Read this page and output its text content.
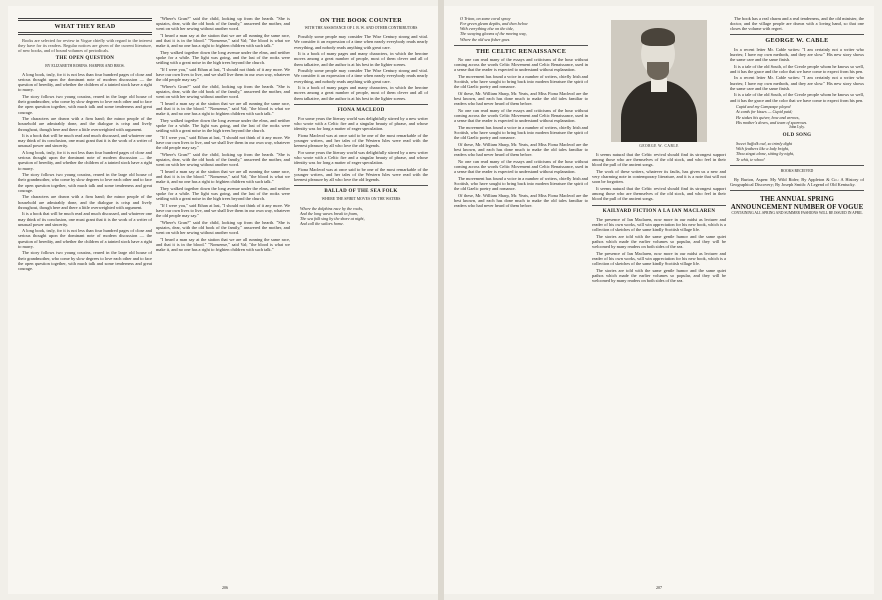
WHAT THEY READ
Books are selected for review in Vogue chiefly with regard to the interest they have for its readers. Regular notices are given of the current literature, of new books, and of bound volumes of periodicals.
THE OPEN QUESTION
BY ELIZABETH ROBINS. HARPER AND BROS.
A long book, truly, for it is not less than four hundred pages of close and serious thought upon the dominant note of modern discussion — the question of heredity, and whether the children of a tainted stock have a right to marry.
The story follows two young cousins, reared in the large old house of their grandmother, who come by slow degrees to love each other and to face the open question together, with much talk and some tenderness and great courage.
The characters are drawn with a firm hand; the minor people of the household are admirably done, and the dialogue is crisp and lively throughout, though here and there a little overweighted with argument.
It is a book that will be much read and much discussed, and whatever one may think of its conclusion, one must grant that it is the work of a writer of unusual power and sincerity.
A long book, truly, for it is not less than four hundred pages of close and serious thought upon the dominant note of modern discussion — the question of heredity, and whether the children of a tainted stock have a right to marry.
The story follows two young cousins, reared in the large old house of their grandmother, who come by slow degrees to love each other and to face the open question together, with much talk and some tenderness and great courage.
The characters are drawn with a firm hand; the minor people of the household are admirably done, and the dialogue is crisp and lively throughout, though here and there a little overweighted with argument.
It is a book that will be much read and much discussed, and whatever one may think of its conclusion, one must grant that it is the work of a writer of unusual power and sincerity.
A long book, truly, for it is not less than four hundred pages of close and serious thought upon the dominant note of modern discussion — the question of heredity, and whether the children of a tainted stock have a right to marry.
The story follows two young cousins, reared in the large old house of their grandmother, who come by slow degrees to love each other and to face the open question together, with much talk and some tenderness and great courage.
"Where's Gran?" said the child, looking up from the hearth. "She is upstairs, dear, with the old book of the family," answered the mother, and went on with her sewing without another word.
"I heard a man say at the station that we are all running the same race, and that it is in the blood." "Nonsense," said Val; "the blood is what we make it, and no one has a right to frighten children with such talk."
They walked together down the long avenue under the elms, and neither spoke for a while. The light was going, and the last of the rooks were settling with a great noise in the high trees beyond the church.
"If I were you," said Ethan at last, "I should not think of it any more. We have our own lives to live, and we shall live them in our own way, whatever the old people may say."
"Where's Gran?" said the child, looking up from the hearth. "She is upstairs, dear, with the old book of the family," answered the mother, and went on with her sewing without another word.
"I heard a man say at the station that we are all running the same race, and that it is in the blood." "Nonsense," said Val; "the blood is what we make it, and no one has a right to frighten children with such talk."
They walked together down the long avenue under the elms, and neither spoke for a while. The light was going, and the last of the rooks were settling with a great noise in the high trees beyond the church.
"If I were you," said Ethan at last, "I should not think of it any more. We have our own lives to live, and we shall live them in our own way, whatever the old people may say."
"Where's Gran?" said the child, looking up from the hearth. "She is upstairs, dear, with the old book of the family," answered the mother, and went on with her sewing without another word.
"I heard a man say at the station that we are all running the same race, and that it is in the blood." "Nonsense," said Val; "the blood is what we make it, and no one has a right to frighten children with such talk."
They walked together down the long avenue under the elms, and neither spoke for a while. The light was going, and the last of the rooks were settling with a great noise in the high trees beyond the church.
"If I were you," said Ethan at last, "I should not think of it any more. We have our own lives to live, and we shall live them in our own way, whatever the old people may say."
"Where's Gran?" said the child, looking up from the hearth. "She is upstairs, dear, with the old book of the family," answered the mother, and went on with her sewing without another word.
"I heard a man say at the station that we are all running the same race, and that it is in the blood." "Nonsense," said Val; "the blood is what we make it, and no one has a right to frighten children with such talk."
ON THE BOOK COUNTER
WITH THE ASSISTANCE OF J. B. W. AND OTHER CONTRIBUTORS
Possibly some people may consider The Wise Century strong and vital. We consider it an expression of a time when nearly everybody reads nearly everything, and nobody reads anything with great care.
It is a book of many pages and many characters, in which the heroine moves among a great number of people, most of them clever and all of them talkative, and the author is at his best in the lighter scenes.
Possibly some people may consider The Wise Century strong and vital. We consider it an expression of a time when nearly everybody reads nearly everything, and nobody reads anything with great care.
It is a book of many pages and many characters, in which the heroine moves among a great number of people, most of them clever and all of them talkative, and the author is at his best in the lighter scenes.
FIONA MACLEOD
For some years the literary world was delightfully stirred by a new writer who wrote with a Celtic fire and a singular beauty of phrase, and whose identity was for long a matter of eager speculation.
Fiona Macleod was at once said to be one of the most remarkable of the younger writers, and her tales of the Western Isles were read with the keenest pleasure by all who love the old legends.
For some years the literary world was delightfully stirred by a new writer who wrote with a Celtic fire and a singular beauty of phrase, and whose identity was for long a matter of eager speculation.
Fiona Macleod was at once said to be one of the most remarkable of the younger writers, and her tales of the Western Isles were read with the keenest pleasure by all who love the old legends.
BALLAD OF THE SEA FOLK
WHERE THE SPIRIT MOVES ON THE WATERS
Where the dolphins race by the rocks,
And the long waves break in foam,
The sea folk sing by the shore at night,
And call the sailors home.
206
O Triton, on some coral spray
For green gleam depths, and then below
With everything else on the tide,
The swaying glooms of the moving way,
Where the old sea fisher goes.
THE CELTIC RENAISSANCE
No one can read many of the essays and criticisms of the hour without coming across the words Celtic Movement and Celtic Renaissance, used in a sense that the reader is expected to understand without explanation.
The movement has found a voice in a number of writers, chiefly Irish and Scottish, who have sought to bring back into modern literature the spirit of the old Gaelic poetry and romance.
Of these, Mr. William Sharp, Mr. Yeats, and Miss Fiona Macleod are the best known, and each has done much to make the old tales familiar to readers who had never heard of them before.
No one can read many of the essays and criticisms of the hour without coming across the words Celtic Movement and Celtic Renaissance, used in a sense that the reader is expected to understand without explanation.
The movement has found a voice in a number of writers, chiefly Irish and Scottish, who have sought to bring back into modern literature the spirit of the old Gaelic poetry and romance.
Of these, Mr. William Sharp, Mr. Yeats, and Miss Fiona Macleod are the best known, and each has done much to make the old tales familiar to readers who had never heard of them before.
No one can read many of the essays and criticisms of the hour without coming across the words Celtic Movement and Celtic Renaissance, used in a sense that the reader is expected to understand without explanation.
The movement has found a voice in a number of writers, chiefly Irish and Scottish, who have sought to bring back into modern literature the spirit of the old Gaelic poetry and romance.
Of these, Mr. William Sharp, Mr. Yeats, and Miss Fiona Macleod are the best known, and each has done much to make the old tales familiar to readers who had never heard of them before.
GEORGE W. CABLE
It seems natural that the Celtic revival should find its strongest support among those who are themselves of the old stock, and who feel in their blood the pull of the ancient songs.
The work of these writers, whatever its faults, has given us a new and very charming note in contemporary literature, and it is a note that will not soon be forgotten.
It seems natural that the Celtic revival should find its strongest support among those who are themselves of the old stock, and who feel in their blood the pull of the ancient songs.
KAILYARD FICTION A LA IAN MACLAREN
The presence of Ian Maclaren, now more in our midst as lecturer and reader of his own works, will win appreciation for his new book, which is a collection of sketches of the same kindly Scottish village life.
The stories are told with the same gentle humor and the same quiet pathos which made the earlier volumes so popular, and they will be welcomed by many readers on both sides of the sea.
The presence of Ian Maclaren, now more in our midst as lecturer and reader of his own works, will win appreciation for his new book, which is a collection of sketches of the same kindly Scottish village life.
The stories are told with the same gentle humor and the same quiet pathos which made the earlier volumes so popular, and they will be welcomed by many readers on both sides of the sea.
The book has a real charm and a real tenderness, and the old minister, the doctor, and the village people are drawn with a loving hand, so that one closes the volume with regret.
GEORGE W. CABLE
In a recent letter Mr. Cable writes: "I am certainly not a writer who hurries; I have my own methods, and they are slow." His new story shows the same care and the same finish.
It is a tale of the old South, of the Creole people whom he knows so well, and it has the grace and the color that we have come to expect from his pen.
In a recent letter Mr. Cable writes: "I am certainly not a writer who hurries; I have my own methods, and they are slow." His new story shows the same care and the same finish.
It is a tale of the old South, of the Creole people whom he knows so well, and it has the grace and the color that we have come to expect from his pen.
Cupid and my Campaspe played
At cards for kisses — Cupid paid;
He stakes his quiver, bow and arrows,
His mother's doves, and team of sparrows.
John Lyly.
OLD SONG
Sweet Suffolk owl, so trimly dight
With feathers like a lady bright,
Thou singst alone, sitting by night,
Te whit, te whoo!
BOOKS RECEIVED
By Burton, Aspen: My Wild Rider; By Appleton & Co.: A History of Geographical Discovery; By Joseph Smith: A Legend of Old Kentucky.
THE ANNUAL SPRING ANNOUNCEMENT NUMBER OF VOGUE
CONTAINING ALL SPRING AND SUMMER FASHIONS WILL BE ISSUED IN APRIL
207
